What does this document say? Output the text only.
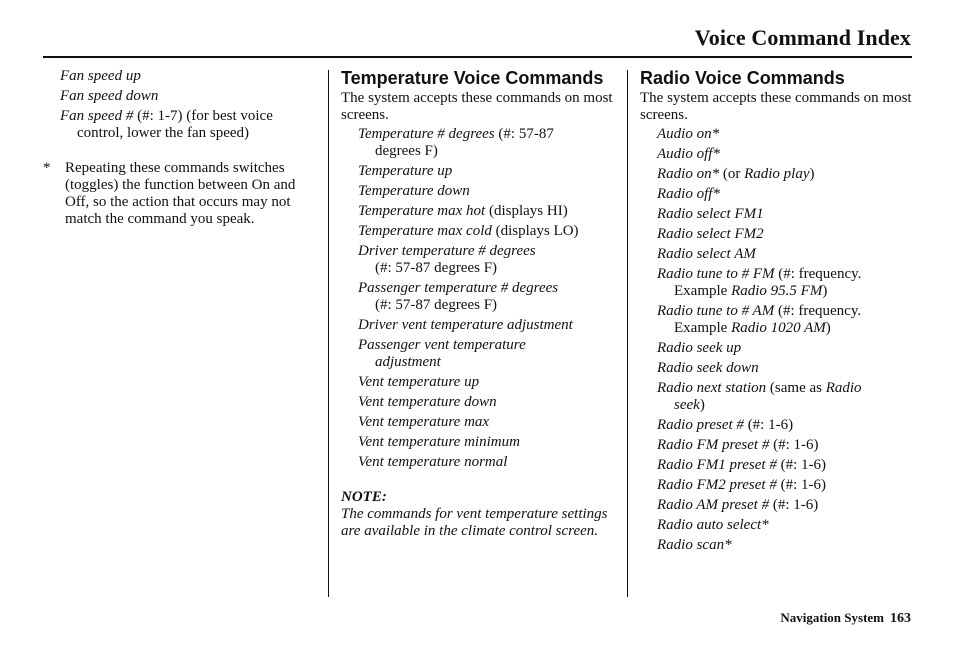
Voice Command Index
Fan speed up
Fan speed down
Fan speed # (#: 1-7) (for best voice
control, lower the fan speed)
* Repeating these commands switches (toggles) the function between On and Off, so the action that occurs may not match the command you speak.
Temperature Voice Commands

The system accepts these commands on most screens.

Temperature # degrees (#: 57-87
degrees F)
Temperature up
Temperature down
Temperature max hot (displays HI)
Temperature max cold (displays LO)
Driver temperature # degrees
(#: 57-87 degrees F)
Passenger temperature # degrees
(#: 57-87 degrees F)
Driver vent temperature adjustment
Passenger vent temperature
adjustment
Vent temperature up
Vent temperature down
Vent temperature max
Vent temperature minimum
Vent temperature normal
NOTE:
The commands for vent temperature settings are available in the climate control screen.
Radio Voice Commands

The system accepts these commands on most screens.

Audio on*
Audio off*
Radio on* (or Radio play)
Radio off*
Radio select FM1
Radio select FM2
Radio select AM
Radio tune to # FM (#: frequency.
Example Radio 95.5 FM)
Radio tune to # AM (#: frequency.
Example Radio 1020 AM)
Radio seek up
Radio seek down
Radio next station (same as Radio
seek)
Radio preset # (#: 1-6)
Radio FM preset # (#: 1-6)
Radio FM1 preset # (#: 1-6)
Radio FM2 preset # (#: 1-6)
Radio AM preset # (#: 1-6)
Radio auto select*
Radio scan*
Navigation System 163
